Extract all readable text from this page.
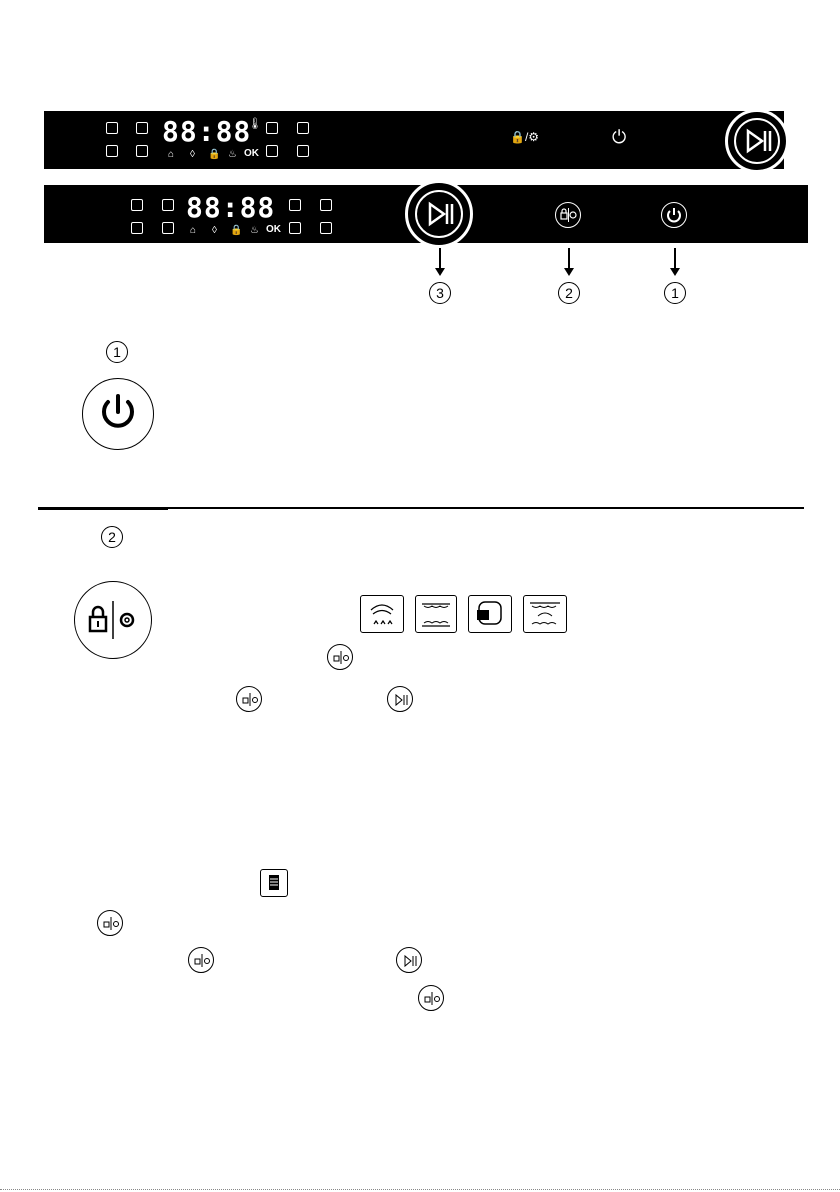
88:88
🌡
⌂ ◊ 🔒 ♨ OK
🔒/⚙	⏻
88:88
⌂ ◊ 🔒 ♨ OK
3	2	1
1
2
